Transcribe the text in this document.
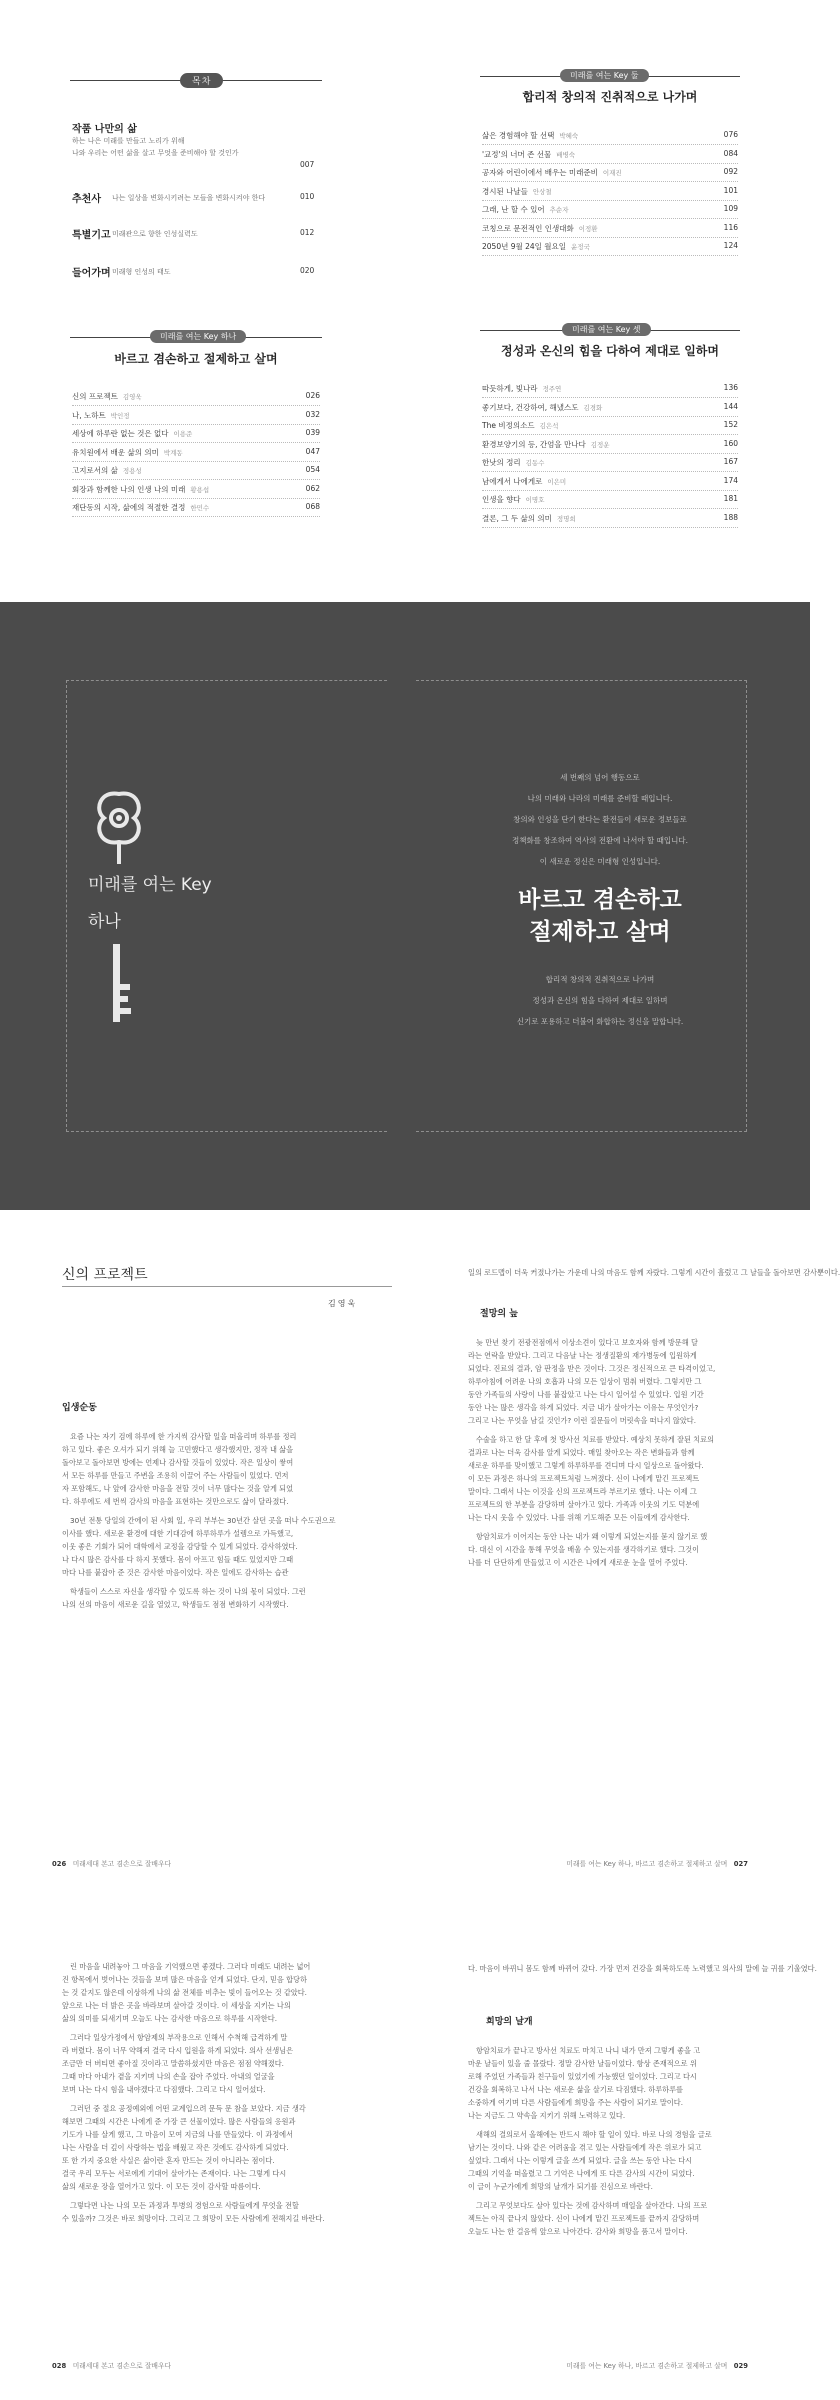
목차
작품 나만의 삶
하는 나은 미래를 만들고 노리가 위해
나와 우리는 어떤 삶을 살고 무엇을 준비해야 할 것인가
007
추천사 나는 일상을 변화시키려는 모들을 변화시켜야 한다	010
특별기고 미래관으로 향한 인성실력도	012
들어가며 미래형 인성의 태도	020
미래를 여는 Key 하나
바르고 겸손하고 절제하고 살며
신의 프로젝트 김영욱	026
나, 노하트 박인정	032
세상에 하루란 없는 것은 없다 이용준	039
유치원에서 배운 삶의 의미 박계동	047
고지로서의 삶 정용성	054
회장과 함께한 나의 인생 나의 미래 황용섭	062
재단동의 시작, 삶에의 적절한 결정 한민수	068
미래를 여는 Key 둘
합리적 창의적 진취적으로 나가며
삶은 경험해야 할 선택 박혜숙	076
'교정'의 너머 존 선물 배병숙	084
공자와 어린이에서 배우는 미래준비 이재진	092
경시된 나날들 안상철	101
그래, 난 할 수 있어 추순자	109
코칭으로 문전적인 인생대화 이정환	116
2050년 9월 24일 월요일 윤정국	124
미래를 여는 Key 셋
정성과 온신의 힘을 다하여 제대로 일하며
따듯하게, 빛나라 정주연	136
좋기보다, 건강하여, 해냈스도 김경화	144
The 비정의소드 김은석	152
환경보양기의 등, 간엄을 만나다 김정운	160
한낫의 정리 김동수	167
남에게서 나에게로 이은미	174
인생을 향다 이명호	181
결론, 그 두 삶의 의미 정명희	188
미래를 여는 Key
하나
세 번째의 넘어 행동으로
나의 미래와 나라의 미래를 준비할 때입니다.
창의와 인성을 단기 한다는 환전들이 새로운 정보들로
정책화를 창조하여 역사의 전환에 나서야 할 때입니다.
이 새로운 정신은 미래형 인성입니다.
바르고 겸손하고
절제하고 살며
합리적 창의적 진취적으로 나가며
정성과 온신의 힘을 다하여 제대로 일하며
신기로 포용하고 더불어 화합하는 정신을 말합니다.
신의 프로젝트
김영욱
입생순동
요즘 나는 자기 검에 하루에 한 가지씩 감사할 일을 떠올리며 하루를 정리
하고 있다. 좋은 오셔가 되기 위해 늘 고민했다고 생각했지만, 정작 내 삶을
돌아보고 돌아보면 방에는 언제나 감사할 것들이 있었다. 작은 일상이 쌓여
서 모든 하루를 만들고 주변을 조용히 이끌어 주는 사람들이 있었다. 먼저
자 포함해도, 나 앞에 감사한 마음을 전할 것이 너무 많다는 것을 알게 되었
다. 하루에도 세 번씩 감사의 마음을 표현하는 것만으로도 삶이 달라졌다.
30년 전통 당일의 간에이 된 사회 일, 우리 부부는 30년간 살던 곳을 떠나 수도권으로
이사를 했다. 새로운 환경에 대한 기대감에 하루하루가 설렘으로 가득했고,
이웃 좋은 기회가 되어 대학에서 교정을 감당할 수 있게 되었다. 감사하였다.
나 다시 많은 감사를 다 하지 못했다. 몸이 아프고 힘들 때도 있었지만 그때
마다 나를 붙잡아 준 것은 감사한 마음이었다. 작은 일에도 감사하는 습관
학생들이 스스로 자신을 생각할 수 있도록 하는 것이 나의 몫이 되었다. 그런
나의 선의 마음이 새로운 길을 열었고, 학생들도 점점 변화하기 시작했다.
일의 로드맵이 더욱 커졌나가는 가운데 나의 마음도 함께 자랐다. 그렇게 시간이 흘렀고 그 날들을 돌아보면 감사뿐이다.
절망의 늪
늦 만년 찾기 전광전점에서 이상소견이 있다고 보호자와 함께 방문해 달
라는 연락을 받았다. 그리고 다음날 나는 정생질환의 재가병동에 입원하게
되었다. 진료의 결과, 암 판정을 받은 것이다. 그것은 정신적으로 큰 타격이었고,
하루아침에 어려운 나의 호흡과 나의 모든 일상이 멈춰 버렸다. 그렇지만 그
동안 가족들의 사랑이 나를 붙잡았고 나는 다시 일어설 수 있었다. 입원 기간
동안 나는 많은 생각을 하게 되었다. 지금 내가 살아가는 이유는 무엇인가?
그리고 나는 무엇을 남길 것인가? 이런 질문들이 머릿속을 떠나지 않았다.
수술을 하고 한 달 후에 첫 방사선 치료를 받았다. 예상치 못하게 잘된 치료의
결과로 나는 더욱 감사를 알게 되었다. 매일 찾아오는 작은 변화들과 함께
새로운 하루를 맞이했고 그렇게 하루하루를 견디며 다시 일상으로 돌아왔다.
이 모든 과정은 하나의 프로젝트처럼 느껴졌다. 신이 나에게 맡긴 프로젝트
말이다. 그래서 나는 이것을 신의 프로젝트라 부르기로 했다. 나는 이제 그
프로젝트의 한 부분을 감당하며 살아가고 있다. 가족과 이웃의 기도 덕분에
나는 다시 웃을 수 있었다. 나를 위해 기도해준 모든 이들에게 감사한다.
항암치료가 이어지는 동안 나는 내가 왜 이렇게 되었는지를 묻지 않기로 했
다. 대신 이 시간을 통해 무엇을 배울 수 있는지를 생각하기로 했다. 그것이
나를 더 단단하게 만들었고 이 시간은 나에게 새로운 눈을 열어 주었다.
026 미래세대 본고 겸손으로 잘배우다	미래를 여는 Key 하나, 바르고 겸손하고 절제하고 살며 027
린 마음을 내려놓아 그 마음을 기억했으면 좋겠다. 그러다 미래도 내려는 넓어
진 항목에서 벗어나는 것들을 보며 많은 마음을 얻게 되었다. 단지, 믿음 합당하
는 것 같지도 않은데 이상하게 나의 삶 전체를 비추는 빛이 들어오는 것 같았다.
앞으로 나는 더 밝은 곳을 바라보며 살아갈 것이다. 이 세상을 지키는 나의
삶의 의미를 되새기며 오늘도 나는 감사한 마음으로 하루를 시작한다.
그러다 일상가정에서 항암제의 부작용으로 인해서 수척해 급격하게 말
라 버렸다. 몸이 너무 약해져 결국 다시 입원을 하게 되었다. 의사 선생님은
조금만 더 버티면 좋아질 것이라고 말씀하셨지만 마음은 점점 약해졌다.
그때 마다 아내가 곁을 지키며 나의 손을 잡아 주었다. 아내의 얼굴을
보며 나는 다시 힘을 내야겠다고 다짐했다. 그리고 다시 일어섰다.
그러던 중 절요 공정예외에 어떤 교계입으려 문득 문 참을 보았다. 지금 생각
해보면 그때의 시간은 나에게 준 가장 큰 선물이었다. 많은 사람들의 응원과
기도가 나를 살게 했고, 그 마음이 모여 지금의 나를 만들었다. 이 과정에서
나는 사람을 더 깊이 사랑하는 법을 배웠고 작은 것에도 감사하게 되었다.
또 한 가지 중요한 사실은 삶이란 혼자 만드는 것이 아니라는 점이다.
결국 우리 모두는 서로에게 기대어 살아가는 존재이다. 나는 그렇게 다시
삶의 새로운 장을 열어가고 있다. 이 모든 것이 감사할 따름이다.
그렇다면 나는 나의 모든 과정과 투병의 경험으로 사람들에게 무엇을 전할
수 있을까? 그것은 바로 희망이다. 그리고 그 희망이 모든 사람에게 전해지길 바란다.
다. 마음이 바뀌니 몸도 함께 바뀌어 갔다. 가장 먼저 건강을 회복하도록 노력했고 의사의 말에 늘 귀를 기울였다.
희망의 날개
항암치료가 끝나고 방사선 치료도 마치고 나니 내가 만져 그렇게 좋을 고
마운 날들이 있을 줄 몰랐다. 정말 감사한 날들이었다. 항상 존재적으로 위
로해 주었던 가족들과 친구들이 있었기에 가능했던 일이었다. 그리고 다시
건강을 회복하고 나서 나는 새로운 삶을 살기로 다짐했다. 하루하루를
소중하게 여기며 다른 사람들에게 희망을 주는 사람이 되기로 말이다.
나는 지금도 그 약속을 지키기 위해 노력하고 있다.
새해의 결의로서 올해에는 반드시 해야 할 일이 있다. 바로 나의 경험을 글로
남기는 것이다. 나와 같은 어려움을 겪고 있는 사람들에게 작은 위로가 되고
싶었다. 그래서 나는 이렇게 글을 쓰게 되었다. 글을 쓰는 동안 나는 다시
그때의 기억을 떠올렸고 그 기억은 나에게 또 다른 감사의 시간이 되었다.
이 글이 누군가에게 희망의 날개가 되기를 진심으로 바란다.
그리고 무엇보다도 살아 있다는 것에 감사하며 매일을 살아간다. 나의 프로
젝트는 아직 끝나지 않았다. 신이 나에게 맡긴 프로젝트를 끝까지 감당하며
오늘도 나는 한 걸음씩 앞으로 나아간다. 감사와 희망을 품고서 말이다.
028 미래세대 본고 겸손으로 잘배우다	미래를 여는 Key 하나, 바르고 겸손하고 절제하고 살며 029
